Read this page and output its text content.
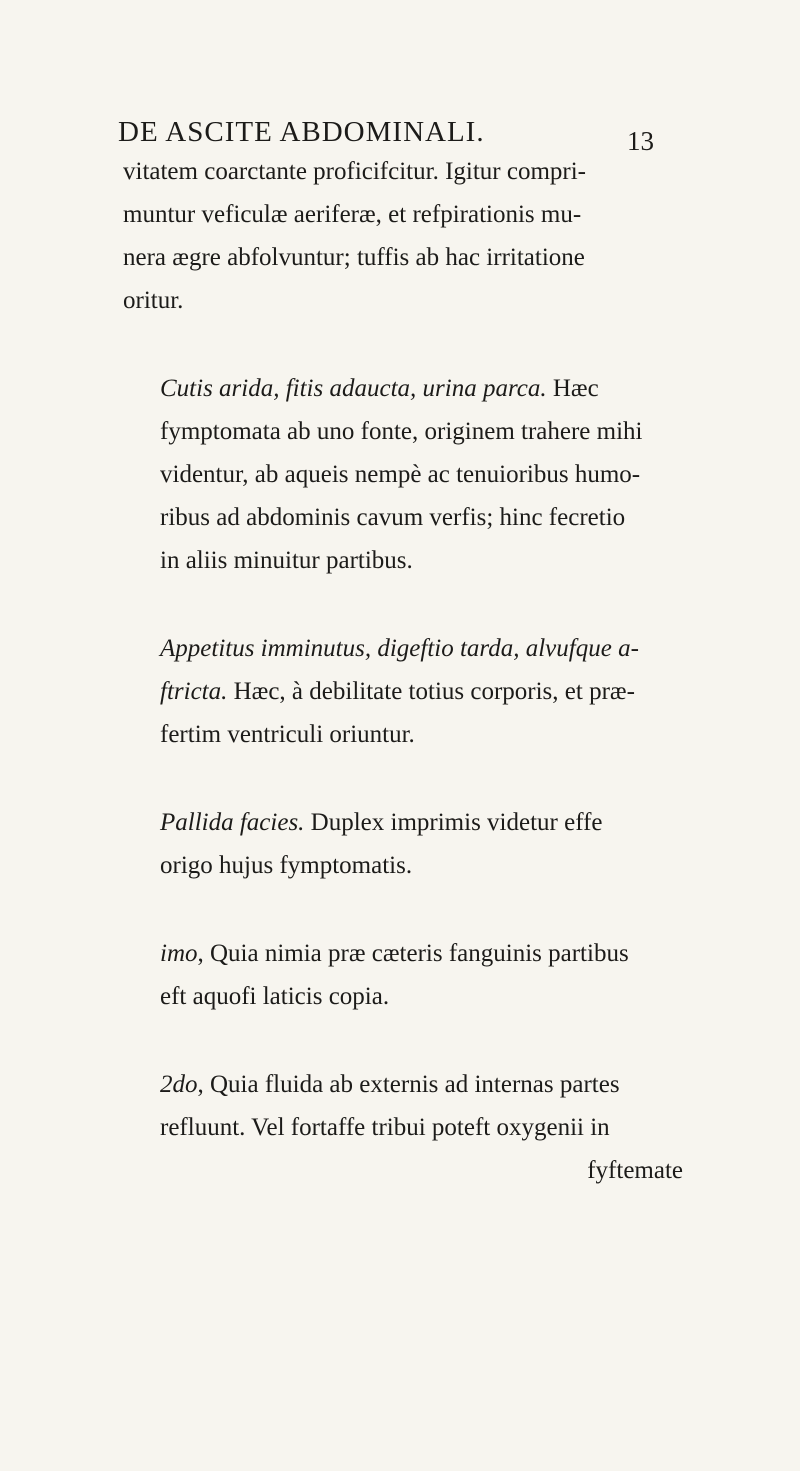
DE ASCITE ABDOMINALI.	13

vitatem coarctante proficifcitur. Igitur compri-
muntur veficulæ aeriferæ, et refpirationis mu-
nera ægre abfolvuntur; tuffis ab hac irritatione
oritur.

Cutis arida, fitis adaucta, urina parca. Hæc
fymptomata ab uno fonte, originem trahere mihi
videntur, ab aqueis nempè ac tenuioribus humo-
ribus ad abdominis cavum verfis; hinc fecretio
in aliis minuitur partibus.

Appetitus imminutus, digeftio tarda, alvufque a-
ftricta. Hæc, à debilitate totius corporis, et præ-
fertim ventriculi oriuntur.

Pallida facies. Duplex imprimis videtur effe
origo hujus fymptomatis.

imo, Quia nimia præ cæteris fanguinis partibus
eft aquofi laticis copia.

2do, Quia fluida ab externis ad internas partes
refluunt. Vel fortaffe tribui poteft oxygenii in
fyftemate
